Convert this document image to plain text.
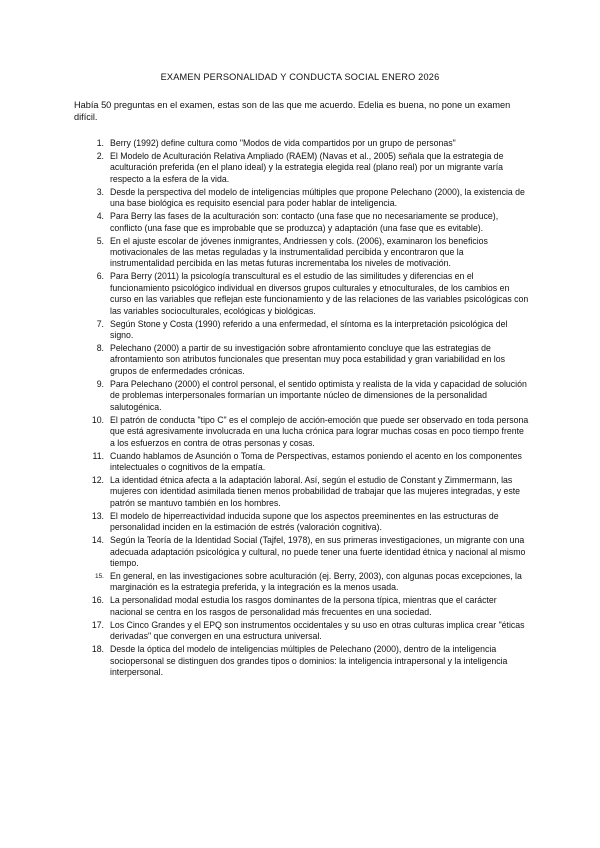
EXAMEN PERSONALIDAD Y CONDUCTA SOCIAL ENERO 2026

Había 50 preguntas en el examen, estas son de las que me acuerdo. Edelia es buena, no pone un examen difícil.

1. Berry (1992) define cultura como "Modos de vida compartidos por un grupo de personas"
2. El Modelo de Aculturación Relativa Ampliado (RAEM) (Navas et al., 2005) señala que la estrategia de aculturación preferida (en el plano ideal) y la estrategia elegida real (plano real) por un migrante varía respecto a la esfera de la vida.
3. Desde la perspectiva del modelo de inteligencias múltiples que propone Pelechano (2000), la existencia de una base biológica es requisito esencial para poder hablar de inteligencia.
4. Para Berry las fases de la aculturación son: contacto (una fase que no necesariamente se produce), conflicto (una fase que es improbable que se produzca) y adaptación (una fase que es evitable).
5. En el ajuste escolar de jóvenes inmigrantes, Andriessen y cols. (2006), examinaron los beneficios motivacionales de las metas reguladas y la instrumentalidad percibida y encontraron que la instrumentalidad percibida en las metas futuras incrementaba los niveles de motivación.
6. Para Berry (2011) la psicología transcultural es el estudio de las similitudes y diferencias en el funcionamiento psicológico individual en diversos grupos culturales y etnoculturales, de los cambios en curso en las variables que reflejan este funcionamiento y de las relaciones de las variables psicológicas con las variables socioculturales, ecológicas y biológicas.
7. Según Stone y Costa (1990) referido a una enfermedad, el síntoma es la interpretación psicológica del signo.
8. Pelechano (2000) a partir de su investigación sobre afrontamiento concluye que las estrategias de afrontamiento son atributos funcionales que presentan muy poca estabilidad y gran variabilidad en los grupos de enfermedades crónicas.
9. Para Pelechano (2000) el control personal, el sentido optimista y realista de la vida y capacidad de solución de problemas interpersonales formarían un importante núcleo de dimensiones de la personalidad salutogénica.
10. El patrón de conducta "tipo C" es el complejo de acción-emoción que puede ser observado en toda persona que está agresivamente involucrada en una lucha crónica para lograr muchas cosas en poco tiempo frente a los esfuerzos en contra de otras personas y cosas.
11. Cuando hablamos de Asunción o Toma de Perspectivas, estamos poniendo el acento en los componentes intelectuales o cognitivos de la empatía.
12. La identidad étnica afecta a la adaptación laboral. Así, según el estudio de Constant y Zimmermann, las mujeres con identidad asimilada tienen menos probabilidad de trabajar que las mujeres integradas, y este patrón se mantuvo también en los hombres.
13. El modelo de hiperreactividad inducida supone que los aspectos preeminentes en las estructuras de personalidad inciden en la estimación de estrés (valoración cognitiva).
14. Según la Teoría de la Identidad Social (Tajfel, 1978), en sus primeras investigaciones, un migrante con una adecuada adaptación psicológica y cultural, no puede tener una fuerte identidad étnica y nacional al mismo tiempo.
15. En general, en las investigaciones sobre aculturación (ej. Berry, 2003), con algunas pocas excepciones, la marginación es la estrategia preferida, y la integración es la menos usada.
16. La personalidad modal estudia los rasgos dominantes de la persona típica, mientras que el carácter nacional se centra en los rasgos de personalidad más frecuentes en una sociedad.
17. Los Cinco Grandes y el EPQ son instrumentos occidentales y su uso en otras culturas implica crear "éticas derivadas" que convergen en una estructura universal.
18. Desde la óptica del modelo de inteligencias múltiples de Pelechano (2000), dentro de la inteligencia sociopersonal se distinguen dos grandes tipos o dominios: la inteligencia intrapersonal y la inteligencia interpersonal.
